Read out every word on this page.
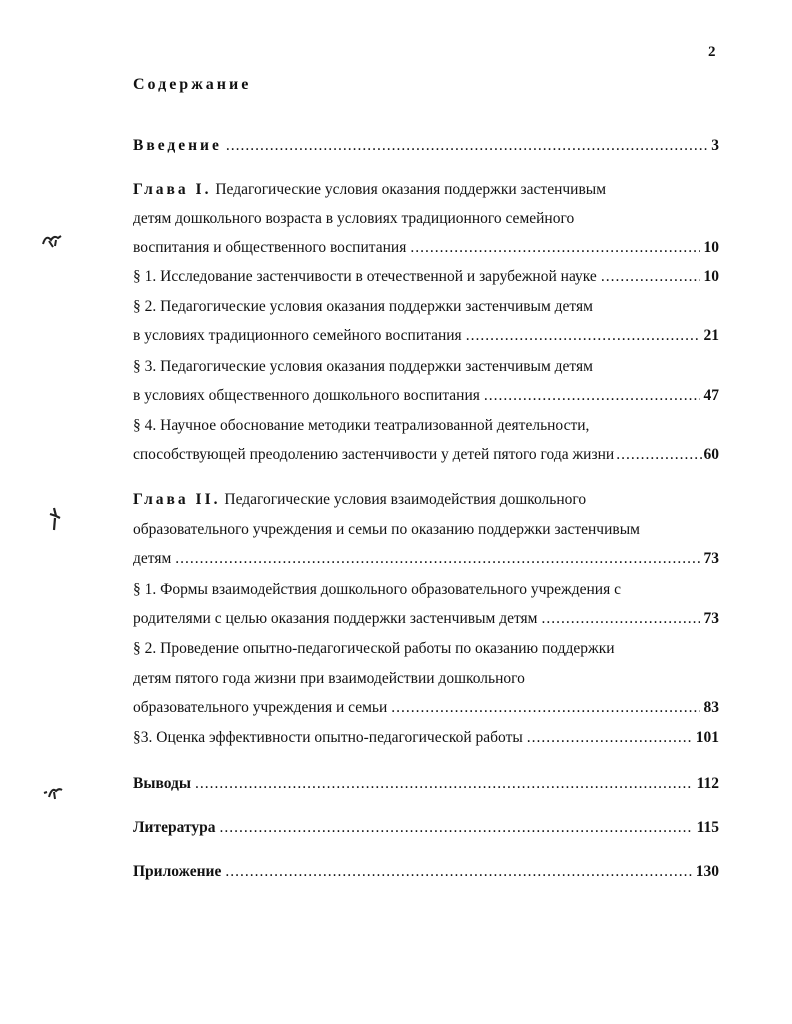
2
Содержание
Введение .....	3
Глава I. Педагогические условия оказания поддержки застенчивым
детям дошкольного возраста в условиях традиционного семейного
воспитания и общественного воспитания .....	10
§ 1. Исследование застенчивости в отечественной и зарубежной науке .....	10
§ 2. Педагогические условия оказания поддержки застенчивым детям
в условиях традиционного семейного воспитания .....	21
§ 3. Педагогические условия оказания поддержки застенчивым детям
в условиях общественного дошкольного воспитания .....	47
§ 4. Научное обоснование методики театрализованной деятельности,
способствующей преодолению застенчивости у детей пятого года жизни .....	60
Глава II. Педагогические условия взаимодействия дошкольного
образовательного учреждения и семьи по оказанию поддержки застенчивым
детям .....	73
§ 1. Формы взаимодействия дошкольного образовательного учреждения с
родителями с целью оказания поддержки застенчивым детям .....	73
§ 2. Проведение опытно-педагогической работы по оказанию поддержки
детям пятого года жизни при взаимодействии дошкольного
образовательного учреждения и семьи .....	83
§3. Оценка эффективности опытно-педагогической работы .....	101
Выводы .....	112
Литература .....	115
Приложение .....	130
